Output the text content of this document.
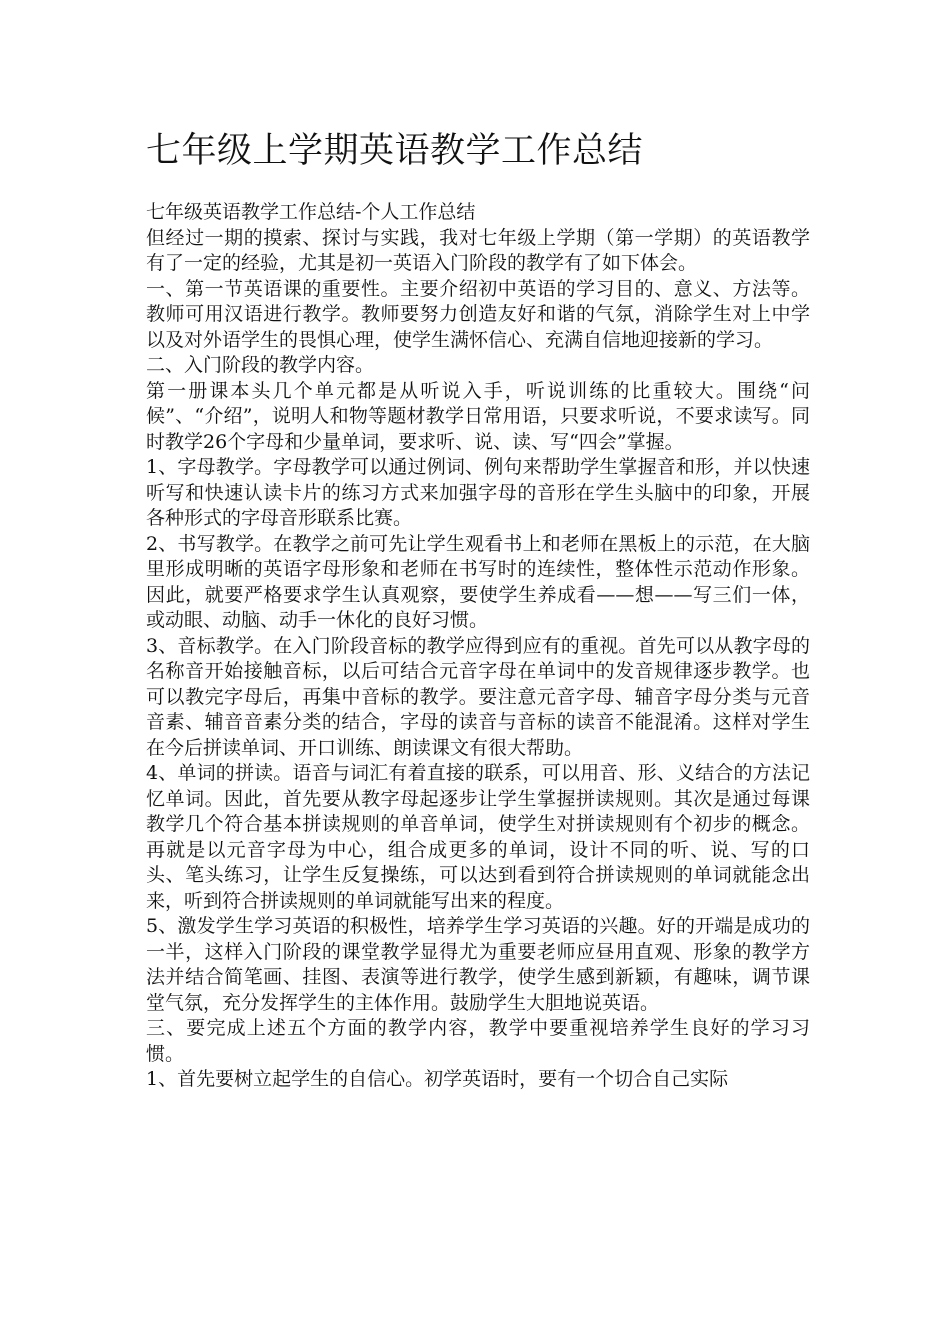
七年级上学期英语教学工作总结

七年级英语教学工作总结-个人工作总结

但经过一期的摸索、探讨与实践，我对七年级上学期（第一学期）的英语教学有了一定的经验，尤其是初一英语入门阶段的教学有了如下体会。

一、第一节英语课的重要性。主要介绍初中英语的学习目的、意义、方法等。教师可用汉语进行教学。教师要努力创造友好和谐的气氛，消除学生对上中学以及对外语学生的畏惧心理，使学生满怀信心、充满自信地迎接新的学习。

二、入门阶段的教学内容。

第一册课本头几个单元都是从听说入手，听说训练的比重较大。围绕“问候”、“介绍”，说明人和物等题材教学日常用语，只要求听说，不要求读写。同时教学26个字母和少量单词，要求听、说、读、写“四会”掌握。

1、字母教学。字母教学可以通过例词、例句来帮助学生掌握音和形，并以快速听写和快速认读卡片的练习方式来加强字母的音形在学生头脑中的印象，开展各种形式的字母音形联系比赛。

2、书写教学。在教学之前可先让学生观看书上和老师在黑板上的示范，在大脑里形成明晰的英语字母形象和老师在书写时的连续性，整体性示范动作形象。因此，就要严格要求学生认真观察，要使学生养成看——想——写三们一体，或动眼、动脑、动手一休化的良好习惯。

3、音标教学。在入门阶段音标的教学应得到应有的重视。首先可以从教字母的名称音开始接触音标，以后可结合元音字母在单词中的发音规律逐步教学。也可以教完字母后，再集中音标的教学。要注意元音字母、辅音字母分类与元音音素、辅音音素分类的结合，字母的读音与音标的读音不能混淆。这样对学生在今后拼读单词、开口训练、朗读课文有很大帮助。

4、单词的拼读。语音与词汇有着直接的联系，可以用音、形、义结合的方法记忆单词。因此，首先要从教字母起逐步让学生掌握拼读规则。其次是通过每课教学几个符合基本拼读规则的单音单词，使学生对拼读规则有个初步的概念。再就是以元音字母为中心，组合成更多的单词，设计不同的听、说、写的口头、笔头练习，让学生反复操练，可以达到看到符合拼读规则的单词就能念出来，听到符合拼读规则的单词就能写出来的程度。

5、激发学生学习英语的积极性，培养学生学习英语的兴趣。好的开端是成功的一半，这样入门阶段的课堂教学显得尤为重要老师应昼用直观、形象的教学方法并结合简笔画、挂图、表演等进行教学，使学生感到新颖，有趣味，调节课堂气氛，充分发挥学生的主体作用。鼓励学生大胆地说英语。

三、要完成上述五个方面的教学内容，教学中要重视培养学生良好的学习习惯。

1、首先要树立起学生的自信心。初学英语时，要有一个切合自己实际
